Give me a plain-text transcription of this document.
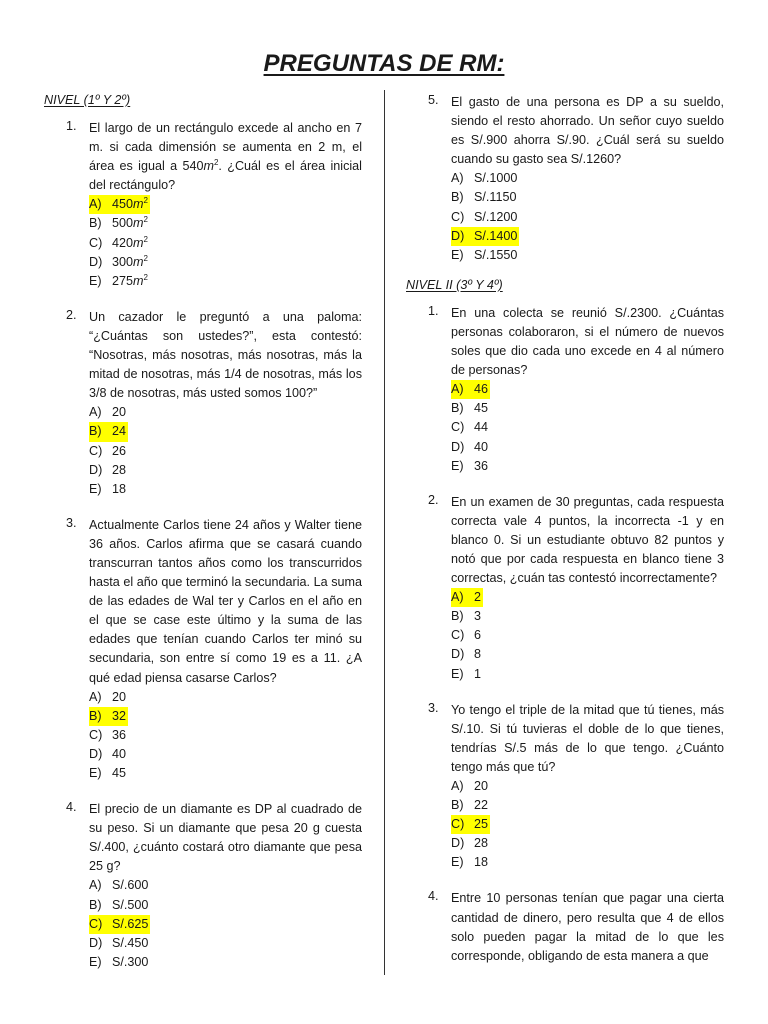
PREGUNTAS DE RM:
NIVEL (1º Y 2º)
1. El largo de un rectángulo excede al ancho en 7 m. si cada dimensión se aumenta en 2 m, el área es igual a $540m^2$. ¿Cuál es el área inicial del rectángulo?
A) $450m^2$
B) $500m^2$
C) $420m^2$
D) $300m^2$
E) $275m^2$
2. Un cazador le preguntó a una paloma: “¿Cuántas son ustedes?”, esta contestó: “Nosotras, más nosotras, más nosotras, más la mitad de nosotras, más 1/4 de nosotras, más los 3/8 de nosotras, más usted somos 100?”
A) 20
B) 24
C) 26
D) 28
E) 18
3. Actualmente Carlos tiene 24 años y Walter tiene 36 años. Carlos afirma que se casará cuando transcurran tantos años como los transcurridos hasta el año que terminó la secundaria. La suma de las edades de Wal ter y Carlos en el año en el que se case este último y la suma de las edades que tenían cuando Carlos ter minó su secundaria, son entre sí como 19 es a 11. ¿A qué edad piensa casarse Carlos?
A) 20
B) 32
C) 36
D) 40
E) 45
4. El precio de un diamante es DP al cuadrado de su peso. Si un diamante que pesa 20 g cuesta S/.400, ¿cuánto costará otro diamante que pesa 25 g?
A) S/.600
B) S/.500
C) S/.625
D) S/.450
E) S/.300
5. El gasto de una persona es DP a su sueldo, siendo el resto ahorrado. Un señor cuyo sueldo es S/.900 ahorra S/.90. ¿Cuál será su sueldo cuando su gasto sea S/.1260?
A) S/.1000
B) S/.1150
C) S/.1200
D) S/.1400
E) S/.1550
NIVEL II (3º Y 4º)
1. En una colecta se reunió S/.2300. ¿Cuántas personas colaboraron, si el número de nuevos soles que dio cada uno excede en 4 al número de personas?
A) 46
B) 45
C) 44
D) 40
E) 36
2. En un examen de 30 preguntas, cada respuesta correcta vale 4 puntos, la incorrecta -1 y en blanco 0. Si un estudiante obtuvo 82 puntos y notó que por cada respuesta en blanco tiene 3 correctas, ¿cuán tas contestó incorrectamente?
A) 2
B) 3
C) 6
D) 8
E) 1
3. Yo tengo el triple de la mitad que tú tienes, más S/.10. Si tú tuvieras el doble de lo que tienes, tendrías S/.5 más de lo que tengo. ¿Cuánto tengo más que tú?
A) 20
B) 22
C) 25
D) 28
E) 18
4. Entre 10 personas tenían que pagar una cierta cantidad de dinero, pero resulta que 4 de ellos solo pueden pagar la mitad de lo que les corresponde, obligando de esta manera a que
